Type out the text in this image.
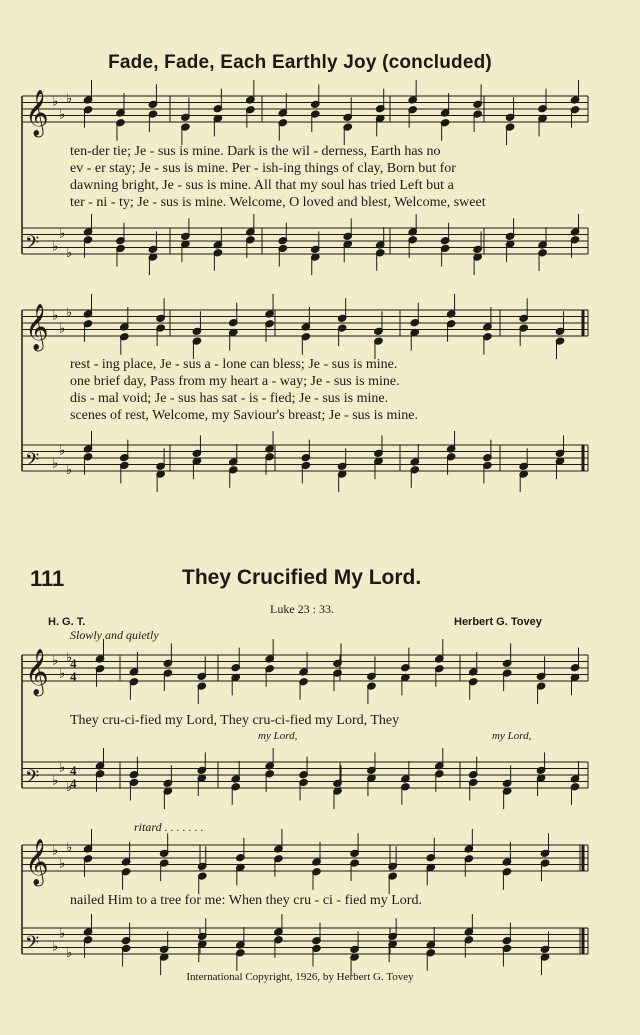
𝄞 ♭
♭
♭
𝄢 ♭
♭
♭
𝄞 ♭
♭
♭
𝄢 ♭
♭
♭
𝄞 ♭
♭
♭
𝄢 ♭
♭
♭
4
4
4
4
𝄞 ♭
♭
♭
𝄢 ♭
♭
♭
Fade, Fade, Each Earthly Joy (concluded)
ten-der tie; Je - sus is mine. Dark is the wil - derness, Earth has no
ev - er stay; Je - sus is mine. Per - ish-ing things of clay, Born but for
dawning bright, Je - sus is mine. All that my soul has tried Left but a
ter - ni - ty; Je - sus is mine. Welcome, O loved and blest, Welcome, sweet
rest - ing place, Je - sus a - lone can bless; Je - sus is mine.
one brief day, Pass from my heart a - way; Je - sus is mine.
dis - mal void; Je - sus has sat - is - fied; Je - sus is mine.
scenes of rest, Welcome, my Saviour's breast; Je - sus is mine.
111	They Crucified My Lord.
Luke 23 : 33.
H. G. T.	Herbert G. Tovey
Slowly and quietly
They cru-ci-fied my Lord, They cru-ci-fied my Lord, They
my Lord,	my Lord,
ritard . . . . . . .
nailed Him to a tree for me: When they cru - ci - fied my Lord.
International Copyright, 1926, by Herbert G. Tovey
